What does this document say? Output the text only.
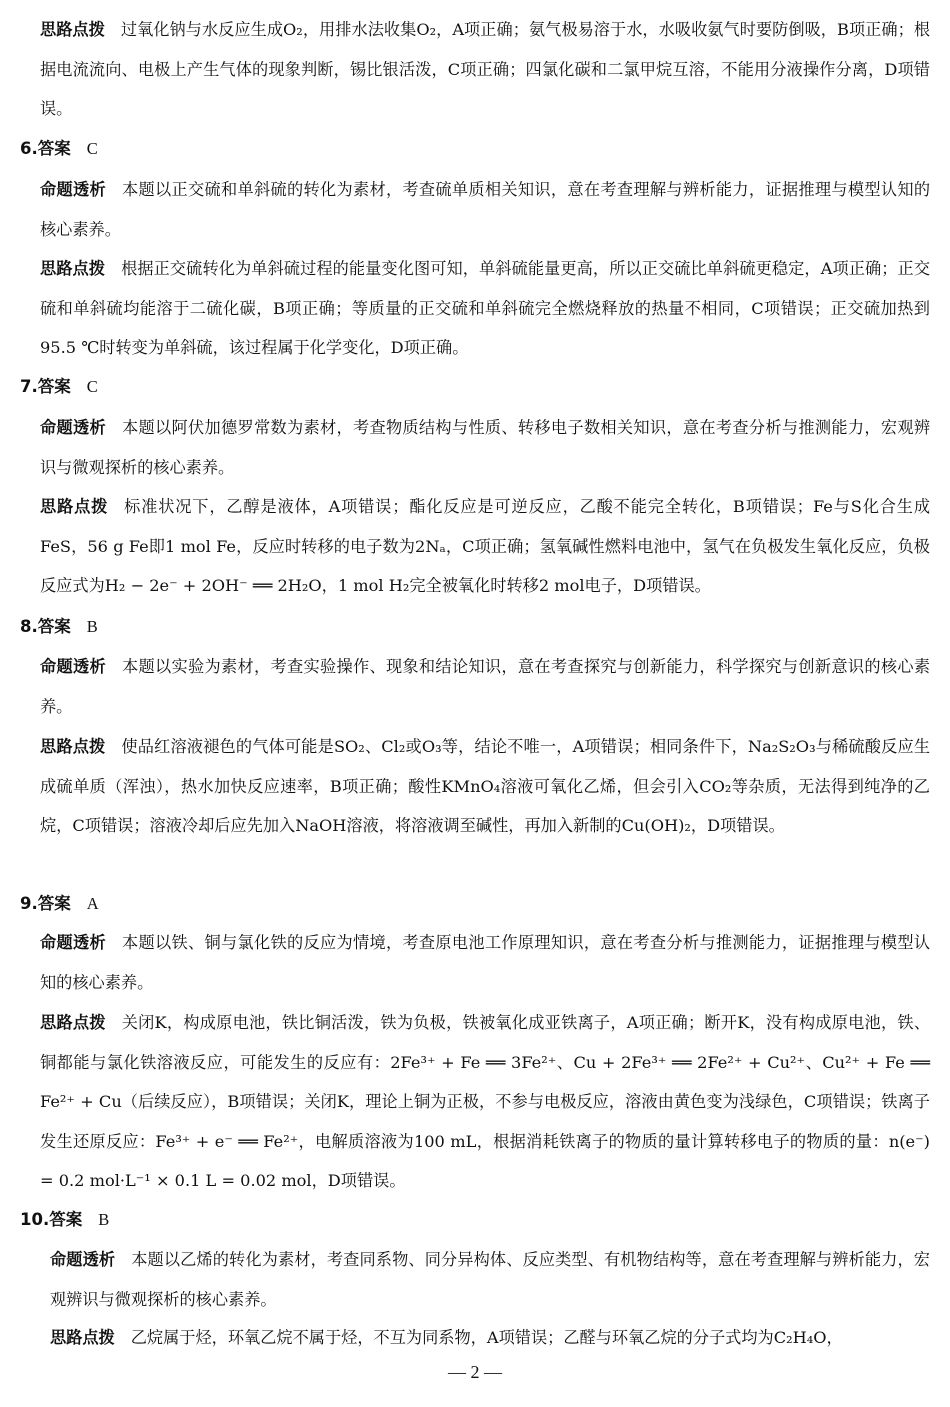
思路点拨 过氧化钠与水反应生成O₂，用排水法收集O₂，A项正确；氨气极易溶于水，水吸收氨气时要防倒吸，B项正确；根据电流流向、电极上产生气体的现象判断，锡比银活泼，C项正确；四氯化碳和二氯甲烷互溶，不能用分液操作分离，D项错误。

6.答案 C

命题透析 本题以正交硫和单斜硫的转化为素材，考查硫单质相关知识，意在考查理解与辨析能力，证据推理与模型认知的核心素养。

思路点拨 根据正交硫转化为单斜硫过程的能量变化图可知，单斜硫能量更高，所以正交硫比单斜硫更稳定，A项正确；正交硫和单斜硫均能溶于二硫化碳，B项正确；等质量的正交硫和单斜硫完全燃烧释放的热量不相同，C项错误；正交硫加热到95.5 ℃时转变为单斜硫，该过程属于化学变化，D项正确。

7.答案 C

命题透析 本题以阿伏加德罗常数为素材，考查物质结构与性质、转移电子数相关知识，意在考查分析与推测能力，宏观辨识与微观探析的核心素养。

思路点拨 标准状况下，乙醇是液体，A项错误；酯化反应是可逆反应，乙酸不能完全转化，B项错误；Fe与S化合生成FeS，56 g Fe即1 mol Fe，反应时转移的电子数为2Nₐ，C项正确；氢氧碱性燃料电池中，氢气在负极发生氧化反应，负极反应式为H₂ − 2e⁻ + 2OH⁻ ══ 2H₂O，1 mol H₂完全被氧化时转移2 mol电子，D项错误。

8.答案 B

命题透析 本题以实验为素材，考查实验操作、现象和结论知识，意在考查探究与创新能力，科学探究与创新意识的核心素养。

思路点拨 使品红溶液褪色的气体可能是SO₂、Cl₂或O₃等，结论不唯一，A项错误；相同条件下，Na₂S₂O₃与稀硫酸反应生成硫单质（浑浊），热水加快反应速率，B项正确；酸性KMnO₄溶液可氧化乙烯，但会引入CO₂等杂质，无法得到纯净的乙烷，C项错误；溶液冷却后应先加入NaOH溶液，将溶液调至碱性，再加入新制的Cu(OH)₂，D项错误。

9.答案 A

命题透析 本题以铁、铜与氯化铁的反应为情境，考查原电池工作原理知识，意在考查分析与推测能力，证据推理与模型认知的核心素养。

思路点拨 关闭K，构成原电池，铁比铜活泼，铁为负极，铁被氧化成亚铁离子，A项正确；断开K，没有构成原电池，铁、铜都能与氯化铁溶液反应，可能发生的反应有：2Fe³⁺ + Fe ══ 3Fe²⁺、Cu + 2Fe³⁺ ══ 2Fe²⁺ + Cu²⁺、Cu²⁺ + Fe ══ Fe²⁺ + Cu（后续反应），B项错误；关闭K，理论上铜为正极，不参与电极反应，溶液由黄色变为浅绿色，C项错误；铁离子发生还原反应：Fe³⁺ + e⁻ ══ Fe²⁺，电解质溶液为100 mL，根据消耗铁离子的物质的量计算转移电子的物质的量：n(e⁻) = 0.2 mol·L⁻¹ × 0.1 L = 0.02 mol，D项错误。

10.答案 B

命题透析 本题以乙烯的转化为素材，考查同系物、同分异构体、反应类型、有机物结构等，意在考查理解与辨析能力，宏观辨识与微观探析的核心素养。

思路点拨 乙烷属于烃，环氧乙烷不属于烃，不互为同系物，A项错误；乙醛与环氧乙烷的分子式均为C₂H₄O，

— 2 —
